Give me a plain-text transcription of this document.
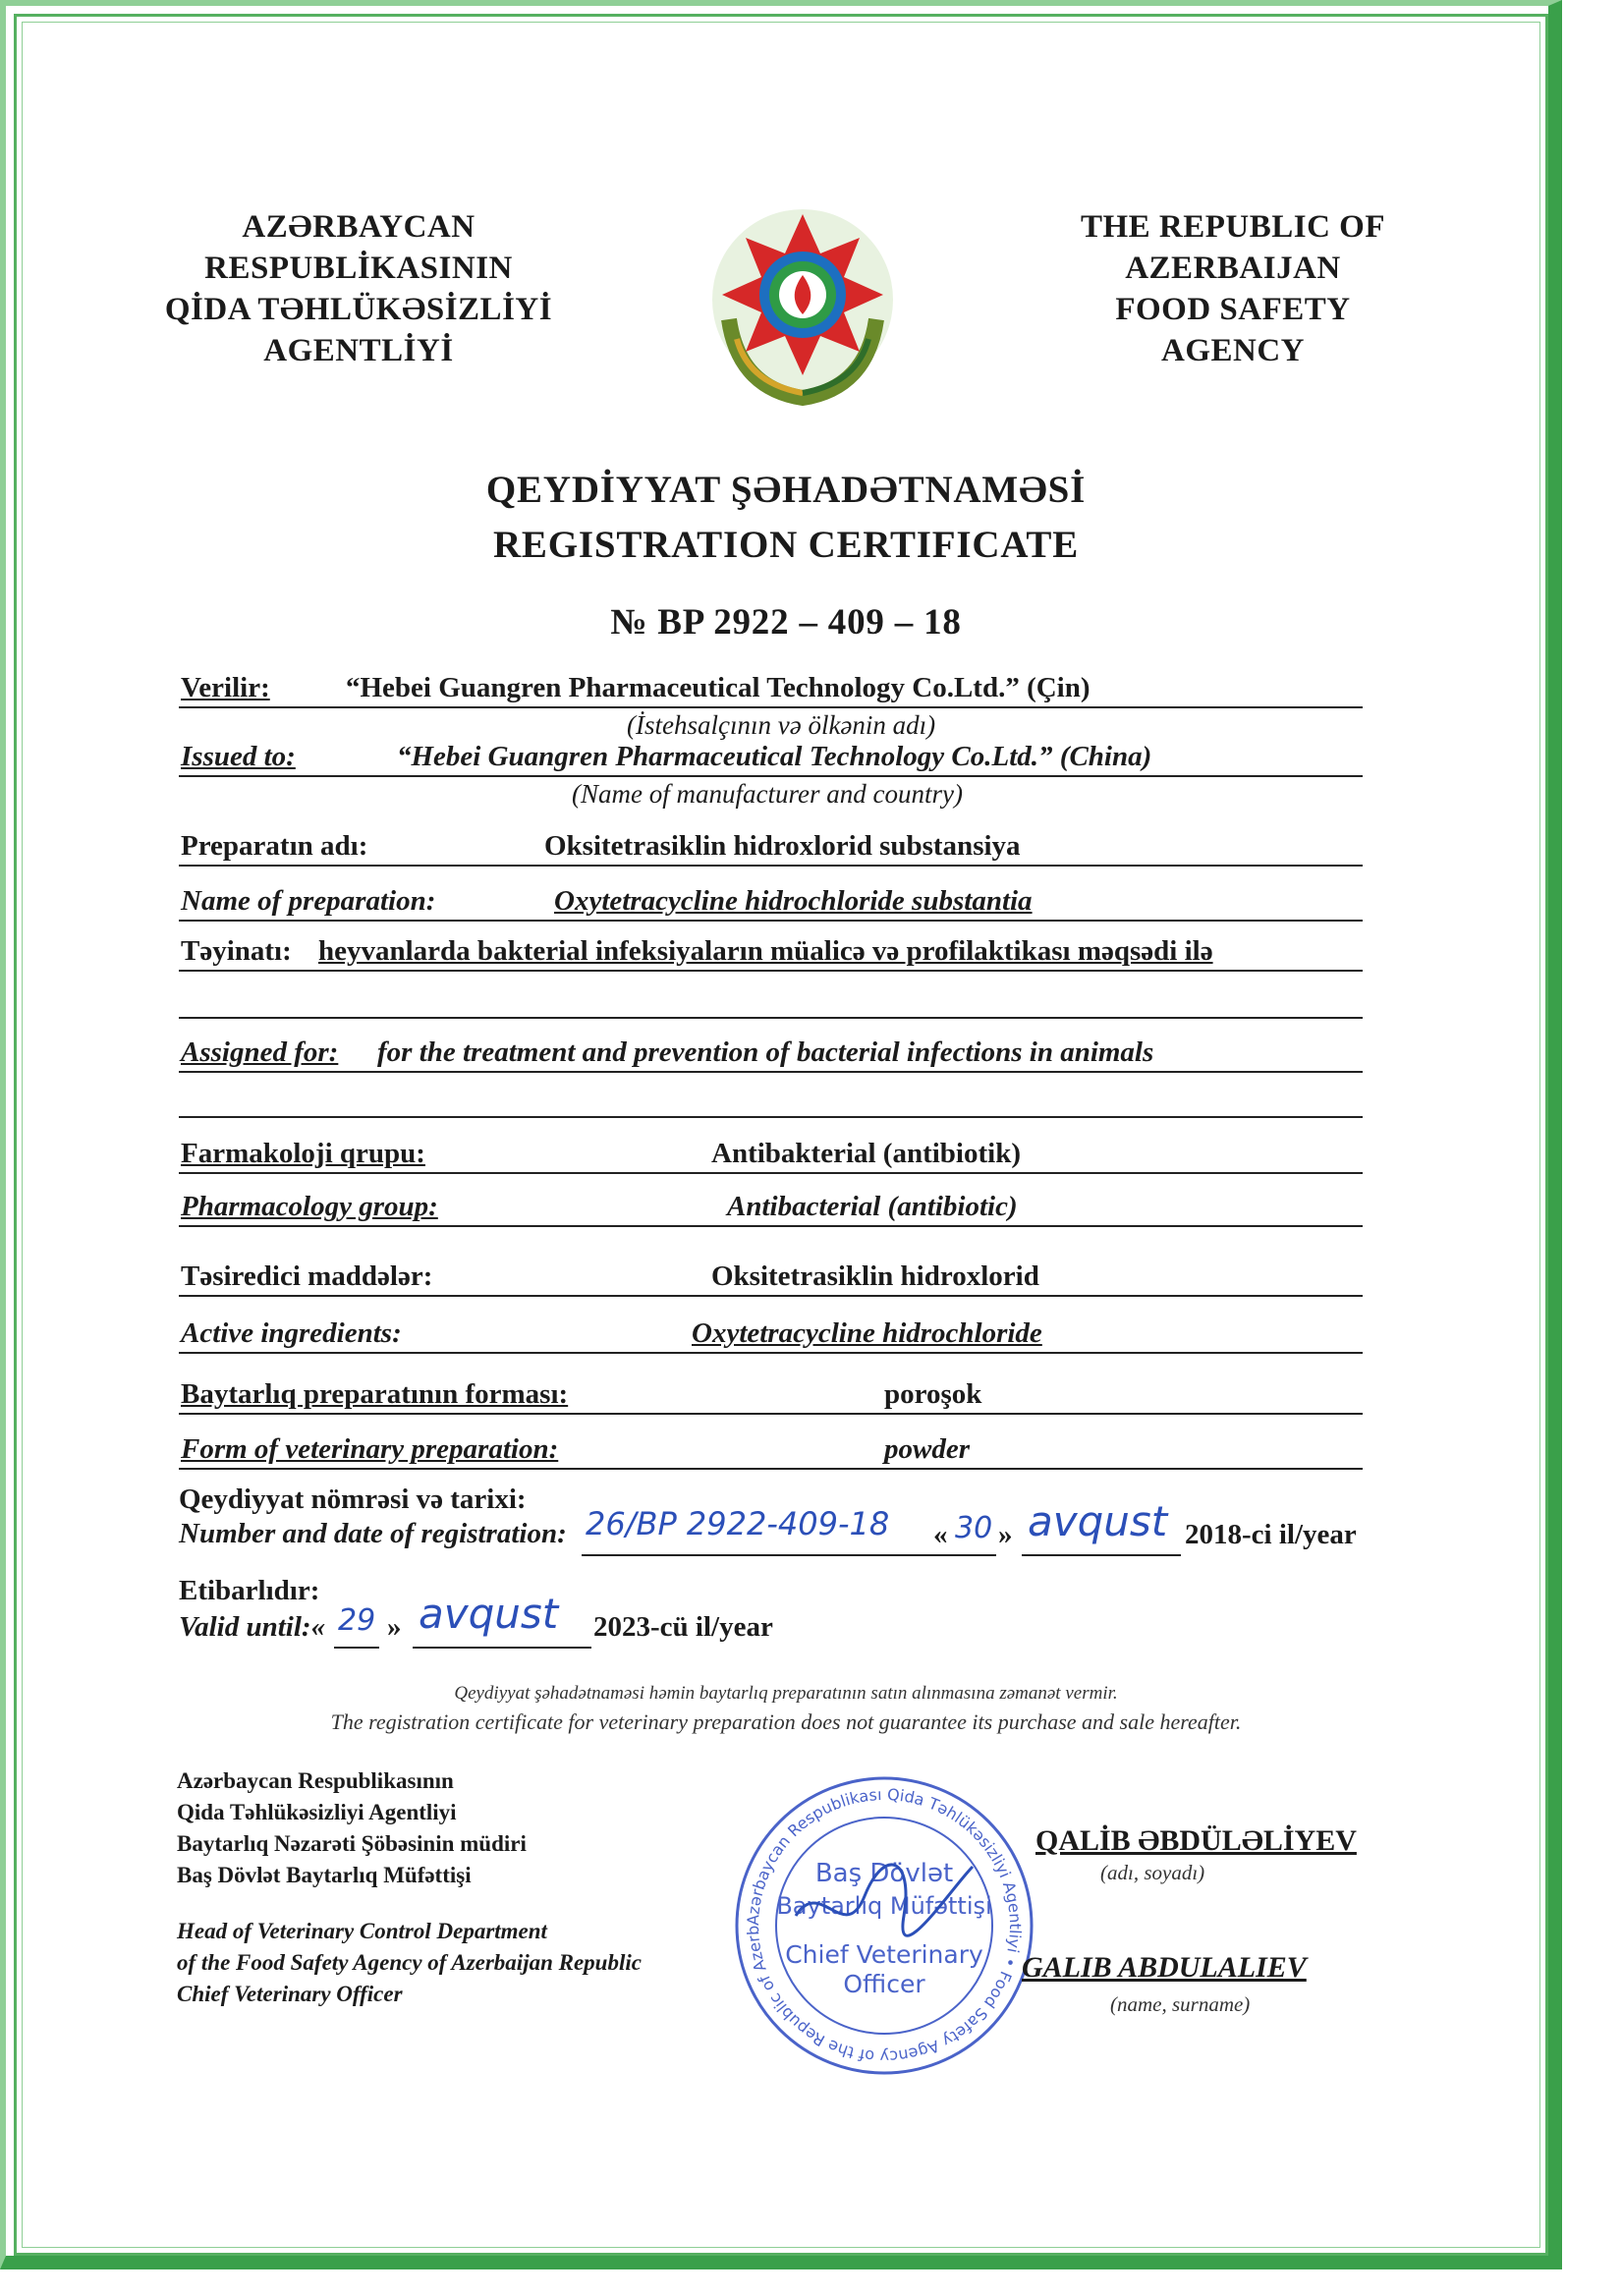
AZƏRBAYCAN
RESPUBLİKASININ
QİDA TƏHLÜKƏSİZLİYİ
AGENTLİYİ
THE REPUBLIC OF
AZERBAIJAN
FOOD SAFETY
AGENCY
QEYDİYYAT ŞƏHADƏTNAMƏSİ
REGISTRATION CERTIFICATE
№ BP 2922 – 409 – 18
Verilir:	“Hebei Guangren Pharmaceutical Technology Co.Ltd.” (Çin)
(İstehsalçının və ölkənin adı)
Issued to:	“Hebei Guangren Pharmaceutical Technology Co.Ltd.” (China)
(Name of manufacturer and country)
Preparatın adı:	Oksitetrasiklin hidroxlorid substansiya
Name of preparation:	Oxytetracycline hidrochloride substantia
Təyinatı: heyvanlarda bakterial infeksiyaların müalicə və profilaktikası məqsədi ilə
Assigned for: for the treatment and prevention of bacterial infections in animals
Farmakoloji qrupu:	Antibakterial (antibiotik)
Pharmacology group:	Antibacterial (antibiotic)
Təsiredici maddələr:	Oksitetrasiklin hidroxlorid
Active ingredients:	Oxytetracycline hidrochloride
Baytarlıq preparatının forması:	poroşok
Form of veterinary preparation:	powder
Qeydiyyat nömrəsi və tarixi:
Number and date of registration: 26/BP 2922-409-18 « 30 » avqust 2018-ci il/year
Etibarlıdır:
Valid until:« 29 » avqust 2023-cü il/year
Qeydiyyat şəhadətnaməsi həmin baytarlıq preparatının satın alınmasına zəmanət vermir.
The registration certificate for veterinary preparation does not guarantee its purchase and sale hereafter.
Azərbaycan Respublikasının
Qida Təhlükəsizliyi Agentliyi
Baytarlıq Nəzarəti Şöbəsinin müdiri
Baş Dövlət Baytarlıq Müfəttişi
Head of Veterinary Control Department
of the Food Safety Agency of Azerbaijan Republic
Chief Veterinary Officer
Azərbaycan Respublikası Qida Təhlükəsizliyi Agentliyi • Food Safety Agency of the Republic of Azerb
Baş Dövlət
Baytarlıq Müfəttişi
Chief Veterinary
Officer
QALİB ƏBDÜLƏLİYEV
(adı, soyadı)
GALIB ABDULALIEV
(name, surname)
